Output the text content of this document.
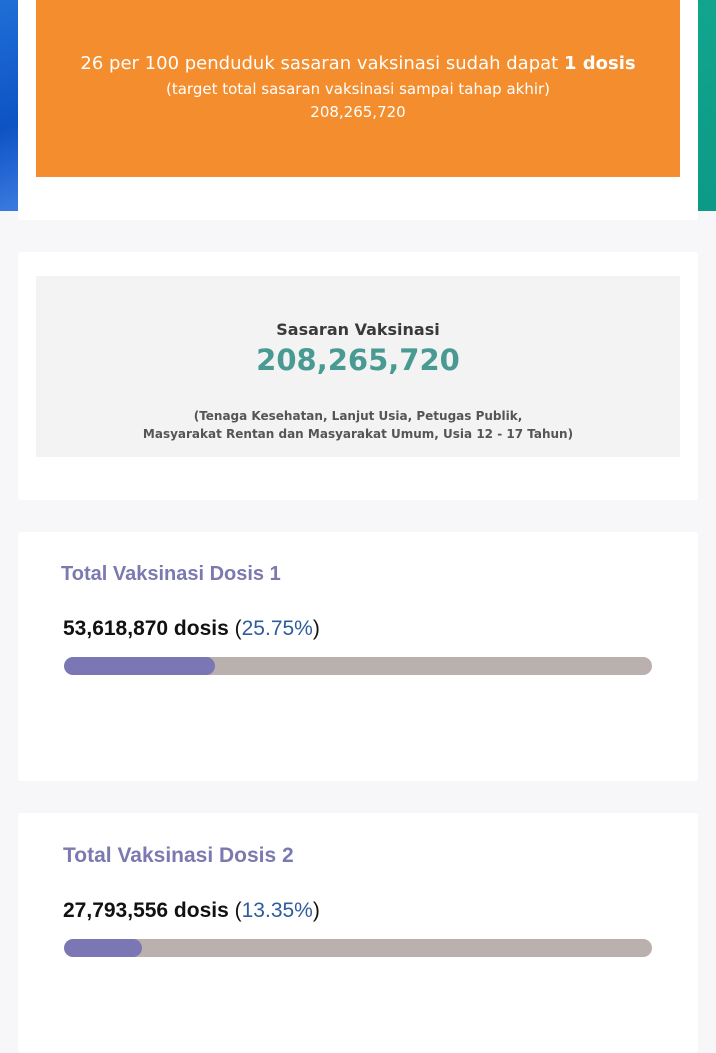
26 per 100 penduduk sasaran vaksinasi sudah dapat 1 dosis
(target total sasaran vaksinasi sampai tahap akhir)
208,265,720
Sasaran Vaksinasi
208,265,720
(Tenaga Kesehatan, Lanjut Usia, Petugas Publik,
Masyarakat Rentan dan Masyarakat Umum, Usia 12 - 17 Tahun)
Total Vaksinasi Dosis 1
53,618,870 dosis (25.75%)
Total Vaksinasi Dosis 2
27,793,556 dosis (13.35%)
